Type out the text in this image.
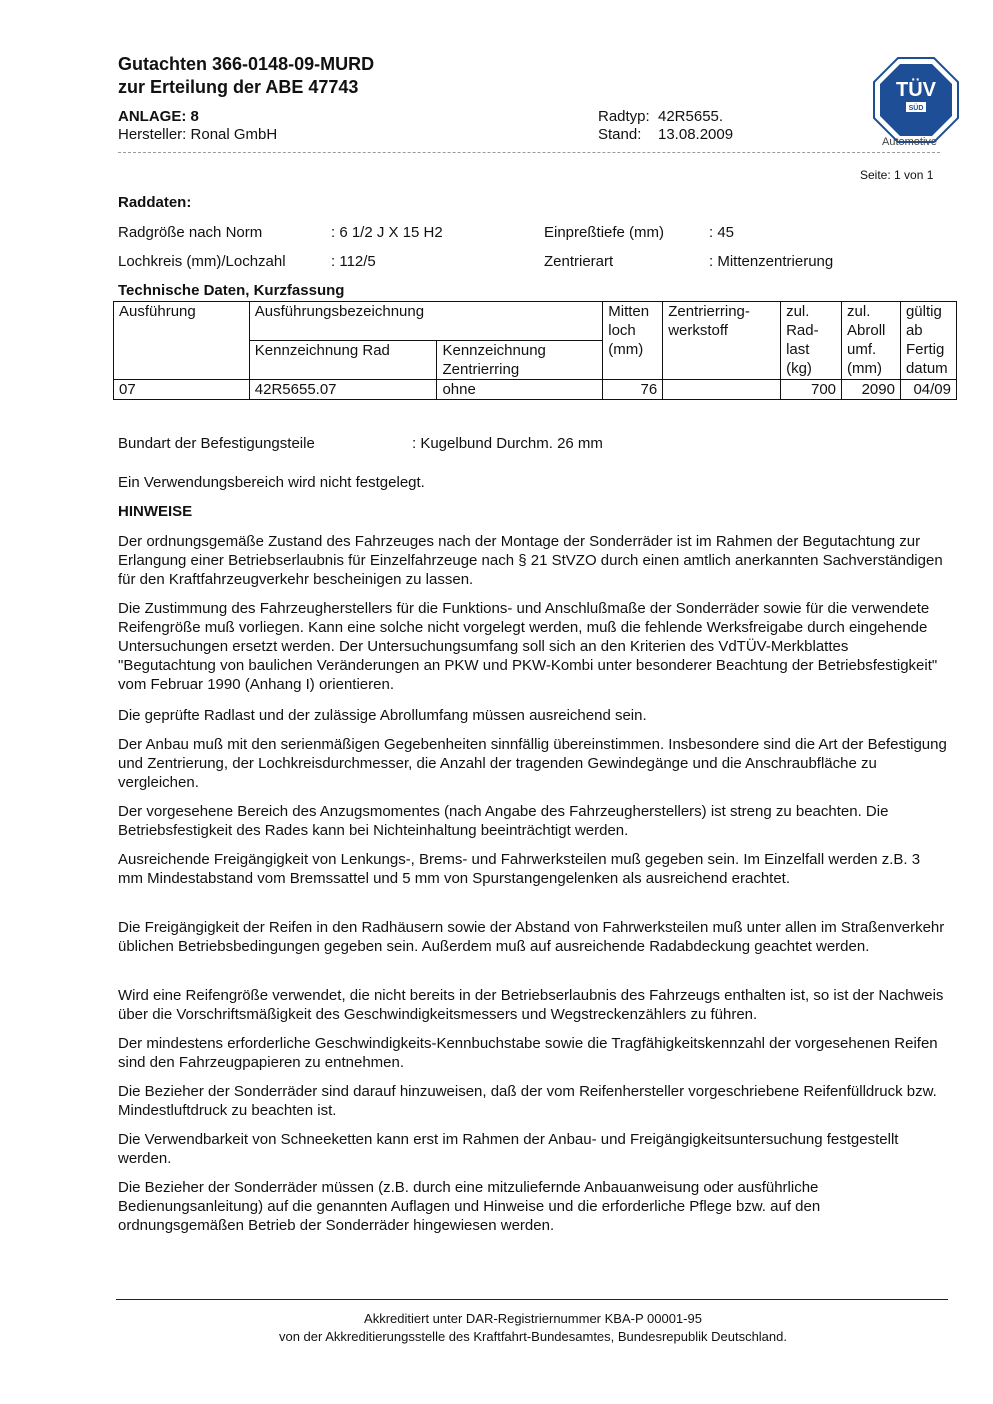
Gutachten 366-0148-09-MURD
zur Erteilung der ABE 47743
ANLAGE: 8
Hersteller: Ronal GmbH
Radtyp: 42R5655.
Stand: 13.08.2009
TÜV
SÜD
Automotive
Seite: 1 von 1
Raddaten:
Radgröße nach Norm	: 6 1/2 J X 15 H2	Einpreßtiefe (mm)	: 45
Lochkreis (mm)/Lochzahl	: 112/5	Zentrierart	: Mittenzentrierung
Technische Daten, Kurzfassung
Ausführung	Ausführungsbezeichnung		Mitten loch (mm)	Zentrierring- werkstoff	zul. Rad- last (kg)	zul. Abroll umf. (mm)	gültig ab Fertig datum
	Kennzeichnung Rad	Kennzeichnung Zentrierring					
07	42R5655.07	ohne	76		700	2090	04/09
Bundart der Befestigungsteile	: Kugelbund Durchm. 26 mm
Ein Verwendungsbereich wird nicht festgelegt.
HINWEISE
Der ordnungsgemäße Zustand des Fahrzeuges nach der Montage der Sonderräder ist im Rahmen der Begutachtung zur Erlangung einer Betriebserlaubnis für Einzelfahrzeuge nach § 21 StVZO durch einen amtlich anerkannten Sachverständigen für den Kraftfahrzeugverkehr bescheinigen zu lassen.
Die Zustimmung des Fahrzeugherstellers für die Funktions- und Anschlußmaße der Sonderräder sowie für die verwendete Reifengröße muß vorliegen. Kann eine solche nicht vorgelegt werden, muß die fehlende Werksfreigabe durch eingehende Untersuchungen ersetzt werden. Der Untersuchungsumfang soll sich an den Kriterien des VdTÜV-Merkblattes "Begutachtung von baulichen Veränderungen an PKW und PKW-Kombi unter besonderer Beachtung der Betriebsfestigkeit" vom Februar 1990 (Anhang I) orientieren.
Die geprüfte Radlast und der zulässige Abrollumfang müssen ausreichend sein.
Der Anbau muß mit den serienmäßigen Gegebenheiten sinnfällig übereinstimmen. Insbesondere sind die Art der Befestigung und Zentrierung, der Lochkreisdurchmesser, die Anzahl der tragenden Gewindegänge und die Anschraubfläche zu vergleichen.
Der vorgesehene Bereich des Anzugsmomentes (nach Angabe des Fahrzeugherstellers) ist streng zu beachten. Die Betriebsfestigkeit des Rades kann bei Nichteinhaltung beeinträchtigt werden.
Ausreichende Freigängigkeit von Lenkungs-, Brems- und Fahrwerksteilen muß gegeben sein. Im Einzelfall werden z.B. 3 mm Mindestabstand vom Bremssattel und 5 mm von Spurstangengelenken als ausreichend erachtet.
Die Freigängigkeit der Reifen in den Radhäusern sowie der Abstand von Fahrwerksteilen muß unter allen im Straßenverkehr üblichen Betriebsbedingungen gegeben sein. Außerdem muß auf ausreichende Radabdeckung geachtet werden.
Wird eine Reifengröße verwendet, die nicht bereits in der Betriebserlaubnis des Fahrzeugs enthalten ist, so ist der Nachweis über die Vorschriftsmäßigkeit des Geschwindigkeitsmessers und Wegstreckenzählers zu führen.
Der mindestens erforderliche Geschwindigkeits-Kennbuchstabe sowie die Tragfähigkeitskennzahl der vorgesehenen Reifen sind den Fahrzeugpapieren zu entnehmen.
Die Bezieher der Sonderräder sind darauf hinzuweisen, daß der vom Reifenhersteller vorgeschriebene Reifenfülldruck bzw. Mindestluftdruck zu beachten ist.
Die Verwendbarkeit von Schneeketten kann erst im Rahmen der Anbau- und Freigängigkeitsuntersuchung festgestellt werden.
Die Bezieher der Sonderräder müssen (z.B. durch eine mitzuliefernde Anbauanweisung oder ausführliche Bedienungsanleitung) auf die genannten Auflagen und Hinweise und die erforderliche Pflege bzw. auf den ordnungsgemäßen Betrieb der Sonderräder hingewiesen werden.
Akkreditiert unter DAR-Registriernummer KBA-P 00001-95
von der Akkreditierungsstelle des Kraftfahrt-Bundesamtes, Bundesrepublik Deutschland.
